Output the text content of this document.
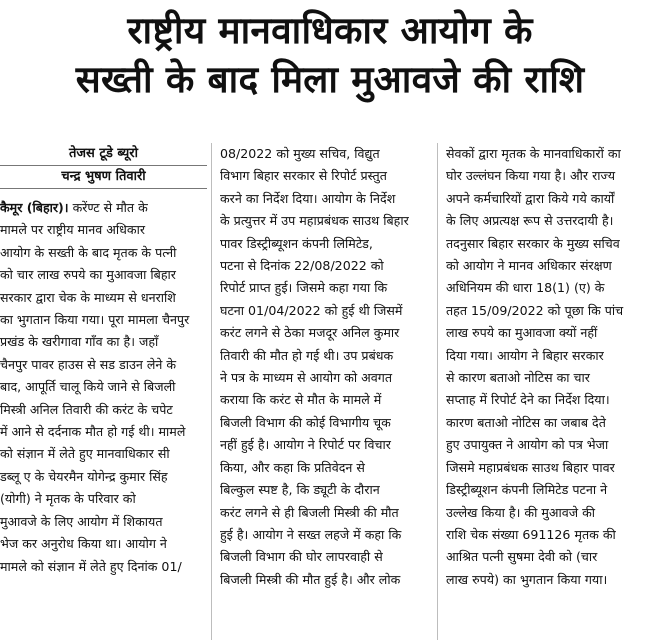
राष्ट्रीय मानवाधिकार आयोग के
सख्ती के बाद मिला मुआवजे की राशि
तेजस टूडे ब्यूरो
चन्द्र भुषण तिवारी

कैमूर (बिहार)। करेंण्ट से मौत के
मामले पर राष्ट्रीय मानव अधिकार
आयोग के सख्ती के बाद मृतक के पत्नी
को चार लाख रुपये का मुआवजा बिहार
सरकार द्वारा चेक के माध्यम से धनराशि
का भुगतान किया गया। पूरा मामला चैनपुर
प्रखंड के खरीगावा गाँव का है। जहाँ
चैनपुर पावर हाउस से सड डाउन लेने के
बाद, आपूर्ति चालू किये जाने से बिजली
मिस्त्री अनिल तिवारी की करंट के चपेट
में आने से दर्दनाक मौत हो गई थी। मामले
को संज्ञान में लेते हुए मानवाधिकार सी
डब्लू ए के चेयरमैन योगेन्द्र कुमार सिंह
(योगी) ने मृतक के परिवार को
मुआवजे के लिए आयोग में शिकायत
भेज कर अनुरोध किया था। आयोग ने
मामले को संज्ञान में लेते हुए दिनांक 01/

08/2022 को मुख्य सचिव, विद्युत
विभाग बिहार सरकार से रिपोर्ट प्रस्तुत
करने का निर्देश दिया। आयोग के निर्देश
के प्रत्युत्तर में उप महाप्रबंधक साउथ बिहार
पावर डिस्ट्रीब्यूशन कंपनी लिमिटेड,
पटना से दिनांक 22/08/2022 को
रिपोर्ट प्राप्त हुई। जिसमे कहा गया कि
घटना 01/04/2022 को हुई थी जिसमें
करंट लगने से ठेका मजदूर अनिल कुमार
तिवारी की मौत हो गई थी। उप प्रबंधक
ने पत्र के माध्यम से आयोग को अवगत
कराया कि करंट से मौत के मामले में
बिजली विभाग की कोई विभागीय चूक
नहीं हुई है। आयोग ने रिपोर्ट पर विचार
किया, और कहा कि प्रतिवेदन से
बिल्कुल स्पष्ट है, कि ड्यूटी के दौरान
करंट लगने से ही बिजली मिस्त्री की मौत
हुई है। आयोग ने सख्त लहजे में कहा कि
बिजली विभाग की घोर लापरवाही से
बिजली मिस्त्री की मौत हुई है। और लोक

सेवकों द्वारा मृतक के मानवाधिकारों का
घोर उल्लंघन किया गया है। और राज्य
अपने कर्मचारियों द्वारा किये गये कार्यों
के लिए अप्रत्यक्ष रूप से उत्तरदायी है।
तदनुसार बिहार सरकार के मुख्य सचिव
को आयोग ने मानव अधिकार संरक्षण
अधिनियम की धारा 18(1) (ए) के
तहत 15/09/2022 को पूछा कि पांच
लाख रुपये का मुआवजा क्यों नहीं
दिया गया। आयोग ने बिहार सरकार
से कारण बताओ नोटिस का चार
सप्ताह में रिपोर्ट देने का निर्देश दिया।
कारण बताओ नोटिस का जबाब देते
हुए उपायुक्त ने आयोग को पत्र भेजा
जिसमे महाप्रबंधक साउथ बिहार पावर
डिस्ट्रीब्यूशन कंपनी लिमिटेड पटना ने
उल्लेख किया है। की मुआवजे की
राशि चेक संख्या 691126 मृतक की
आश्रित पत्नी सुषमा देवी को (चार
लाख रुपये) का भुगतान किया गया।
